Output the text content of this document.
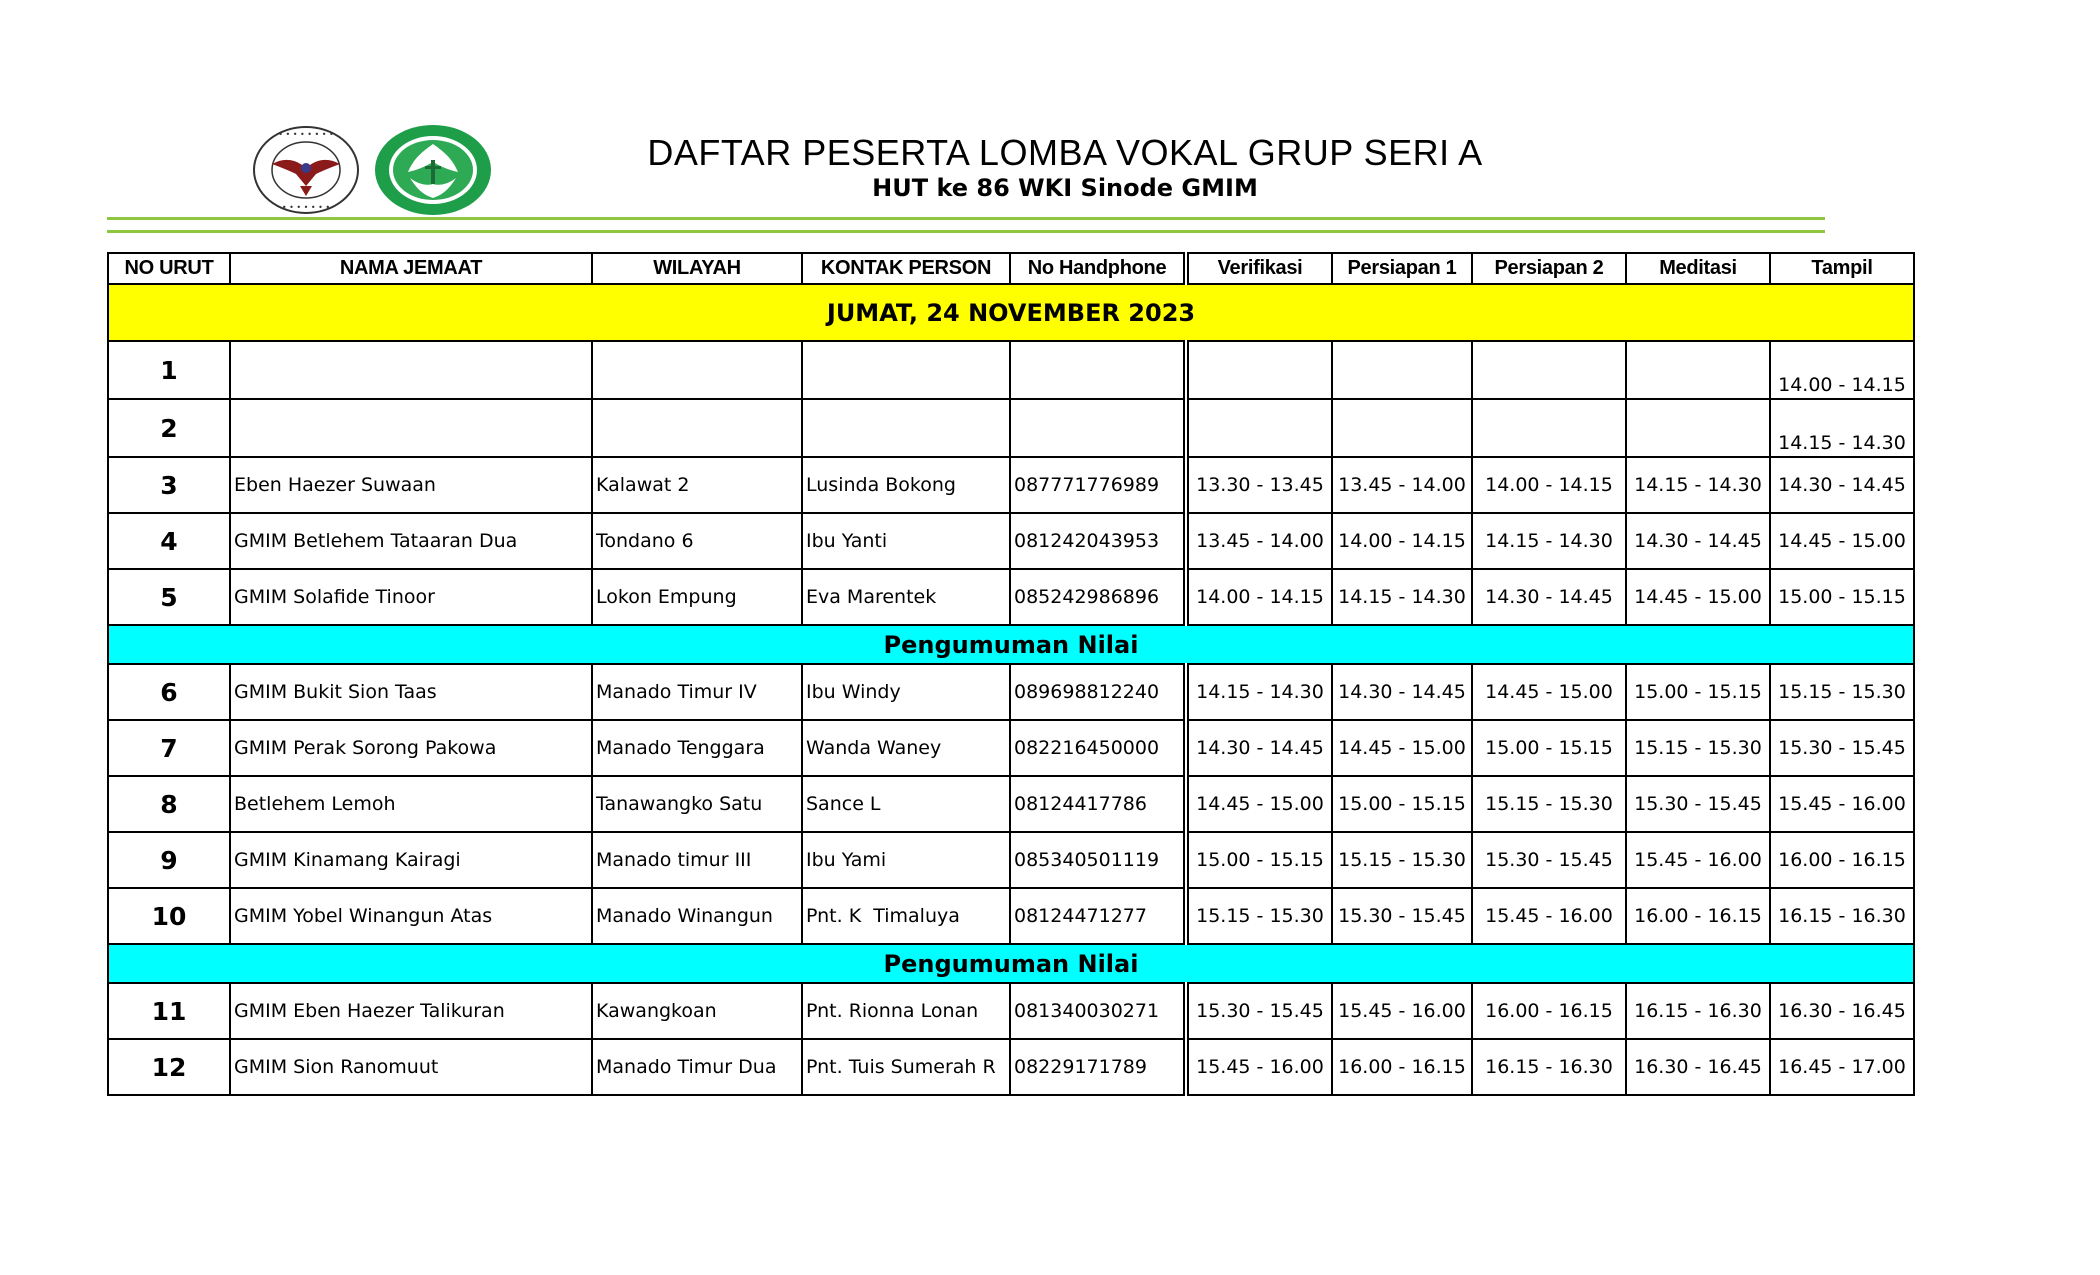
• • • • • • • •
• • • • • • •
DAFTAR PESERTA LOMBA VOKAL GRUP SERI A
HUT ke 86 WKI Sinode GMIM
NO URUT	NAMA JEMAAT	WILAYAH	KONTAK PERSON	No Handphone	Verifikasi	Persiapan 1	Persiapan 2	Meditasi	Tampil
JUMAT, 24 NOVEMBER 2023									
1									14.00 - 14.15
2									14.15 - 14.30
3	Eben Haezer Suwaan	Kalawat 2	Lusinda Bokong	087771776989	13.30 - 13.45	13.45 - 14.00	14.00 - 14.15	14.15 - 14.30	14.30 - 14.45
4	GMIM Betlehem Tataaran Dua	Tondano 6	Ibu Yanti	081242043953	13.45 - 14.00	14.00 - 14.15	14.15 - 14.30	14.30 - 14.45	14.45 - 15.00
5	GMIM Solafide Tinoor	Lokon Empung	Eva Marentek	085242986896	14.00 - 14.15	14.15 - 14.30	14.30 - 14.45	14.45 - 15.00	15.00 - 15.15
Pengumuman Nilai									
6	GMIM Bukit Sion Taas	Manado Timur IV	Ibu Windy	089698812240	14.15 - 14.30	14.30 - 14.45	14.45 - 15.00	15.00 - 15.15	15.15 - 15.30
7	GMIM Perak Sorong Pakowa	Manado Tenggara	Wanda Waney	082216450000	14.30 - 14.45	14.45 - 15.00	15.00 - 15.15	15.15 - 15.30	15.30 - 15.45
8	Betlehem Lemoh	Tanawangko Satu	Sance L	08124417786	14.45 - 15.00	15.00 - 15.15	15.15 - 15.30	15.30 - 15.45	15.45 - 16.00
9	GMIM Kinamang Kairagi	Manado timur III	Ibu Yami	085340501119	15.00 - 15.15	15.15 - 15.30	15.30 - 15.45	15.45 - 16.00	16.00 - 16.15
10	GMIM Yobel Winangun Atas	Manado Winangun	Pnt. K  Timaluya	08124471277	15.15 - 15.30	15.30 - 15.45	15.45 - 16.00	16.00 - 16.15	16.15 - 16.30
Pengumuman Nilai									
11	GMIM Eben Haezer Talikuran	Kawangkoan	Pnt. Rionna Lonan	081340030271	15.30 - 15.45	15.45 - 16.00	16.00 - 16.15	16.15 - 16.30	16.30 - 16.45
12	GMIM Sion Ranomuut	Manado Timur Dua	Pnt. Tuis Sumerah R	08229171789	15.45 - 16.00	16.00 - 16.15	16.15 - 16.30	16.30 - 16.45	16.45 - 17.00
